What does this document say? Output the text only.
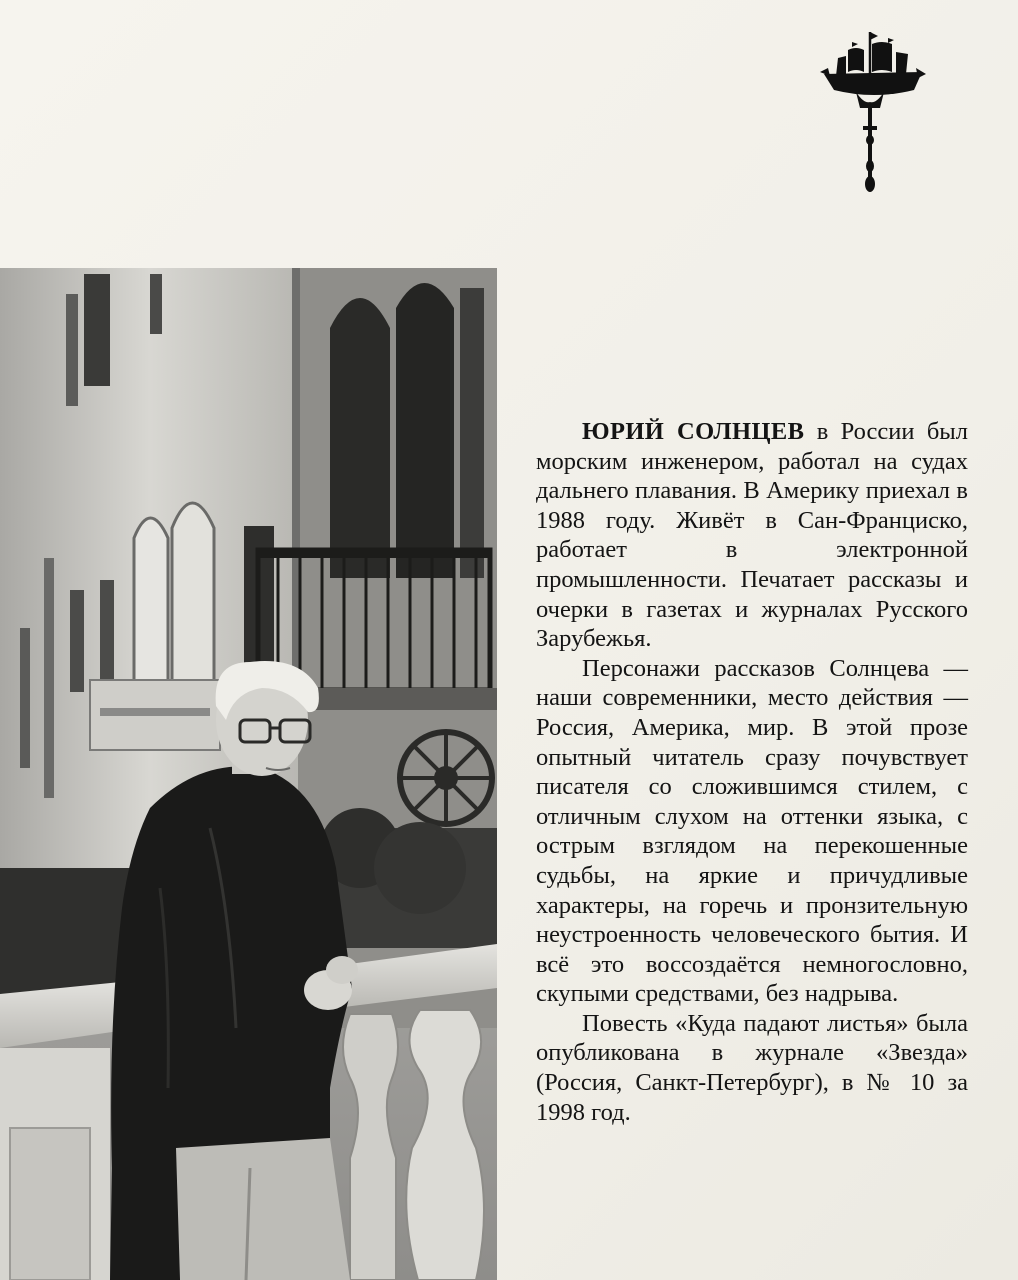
ЮРИЙ СОЛНЦЕВ в России был морским инженером, работал на судах дальнего плавания. В Америку приехал в 1988 году. Живёт в Сан-Франциско, работает в электронной промышленности. Печатает рассказы и очерки в газетах и журналах Русского Зарубежья.

Персонажи рассказов Солнцева — наши современники, место действия — Россия, Америка, мир. В этой прозе опытный читатель сразу почувствует писателя со сложившимся стилем, с отличным слухом на оттенки языка, с острым взглядом на перекошенные судьбы, на яркие и причудливые характеры, на горечь и пронзительную неустроенность человеческого бытия. И всё это воссоздаётся немногословно, скупыми средствами, без надрыва.

Повесть «Куда падают листья» была опубликована в журнале «Звезда» (Россия, Санкт-Петербург), в № 10 за 1998 год.
